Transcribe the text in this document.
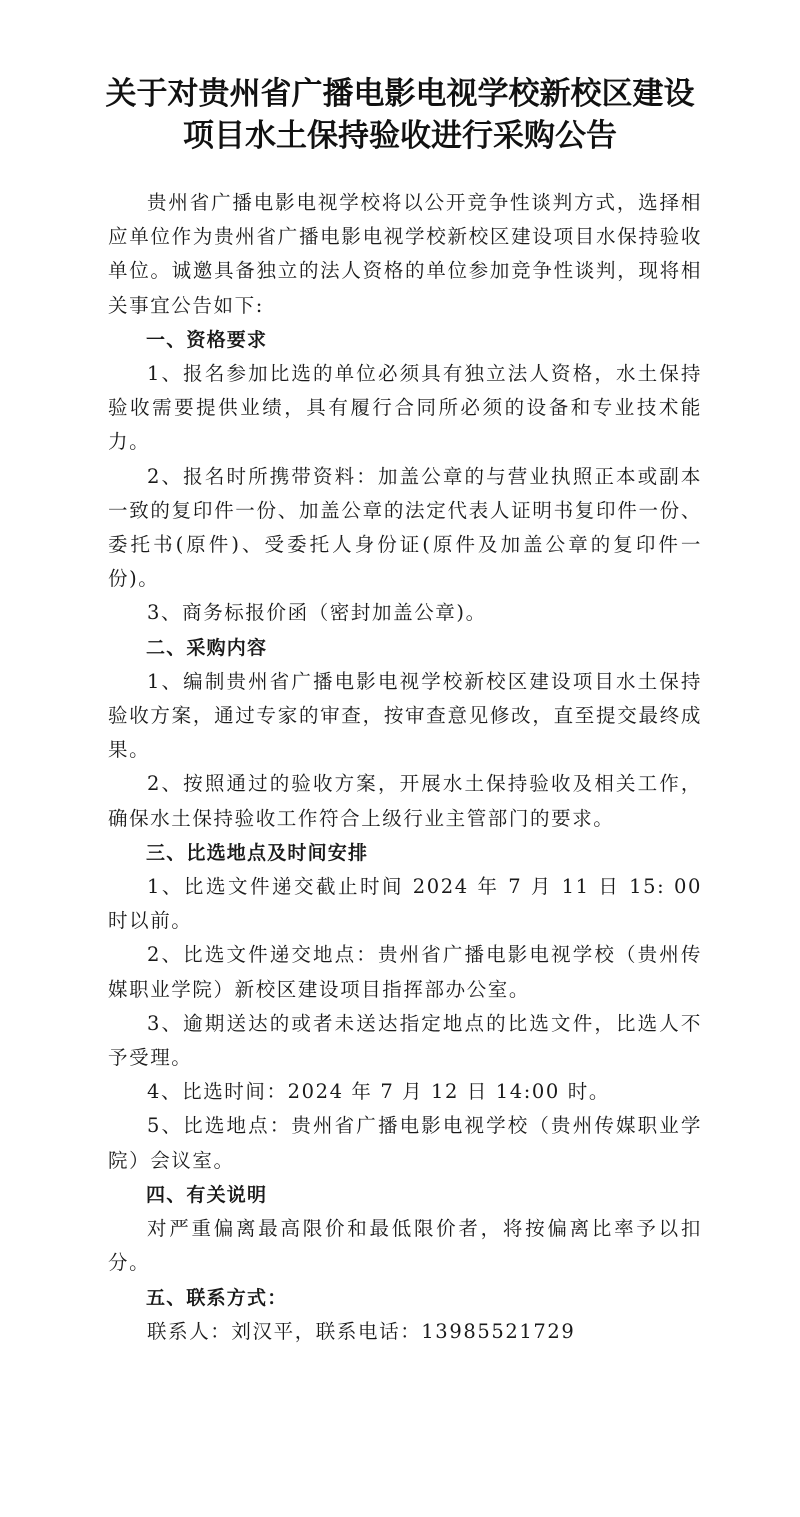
关于对贵州省广播电影电视学校新校区建设
项目水土保持验收进行采购公告

贵州省广播电影电视学校将以公开竞争性谈判方式，选择相应单位作为贵州省广播电影电视学校新校区建设项目水保持验收单位。诚邀具备独立的法人资格的单位参加竞争性谈判，现将相关事宜公告如下:

一、资格要求

1、报名参加比选的单位必须具有独立法人资格，水土保持验收需要提供业绩，具有履行合同所必须的设备和专业技术能力。

2、报名时所携带资料：加盖公章的与营业执照正本或副本一致的复印件一份、加盖公章的法定代表人证明书复印件一份、委托书(原件)、受委托人身份证(原件及加盖公章的复印件一份)。

3、商务标报价函（密封加盖公章)。

二、采购内容

1、编制贵州省广播电影电视学校新校区建设项目水土保持验收方案，通过专家的审查，按审查意见修改，直至提交最终成果。

2、按照通过的验收方案，开展水土保持验收及相关工作，确保水土保持验收工作符合上级行业主管部门的要求。

三、比选地点及时间安排

1、比选文件递交截止时间 2024 年 7 月 11 日 15: 00 时以前。

2、比选文件递交地点：贵州省广播电影电视学校（贵州传媒职业学院）新校区建设项目指挥部办公室。

3、逾期送达的或者未送达指定地点的比选文件，比选人不予受理。

4、比选时间：2024 年 7 月 12 日 14:00 时。

5、比选地点：贵州省广播电影电视学校（贵州传媒职业学院）会议室。

四、有关说明

对严重偏离最高限价和最低限价者，将按偏离比率予以扣分。

五、联系方式：

联系人：刘汉平，联系电话：13985521729
